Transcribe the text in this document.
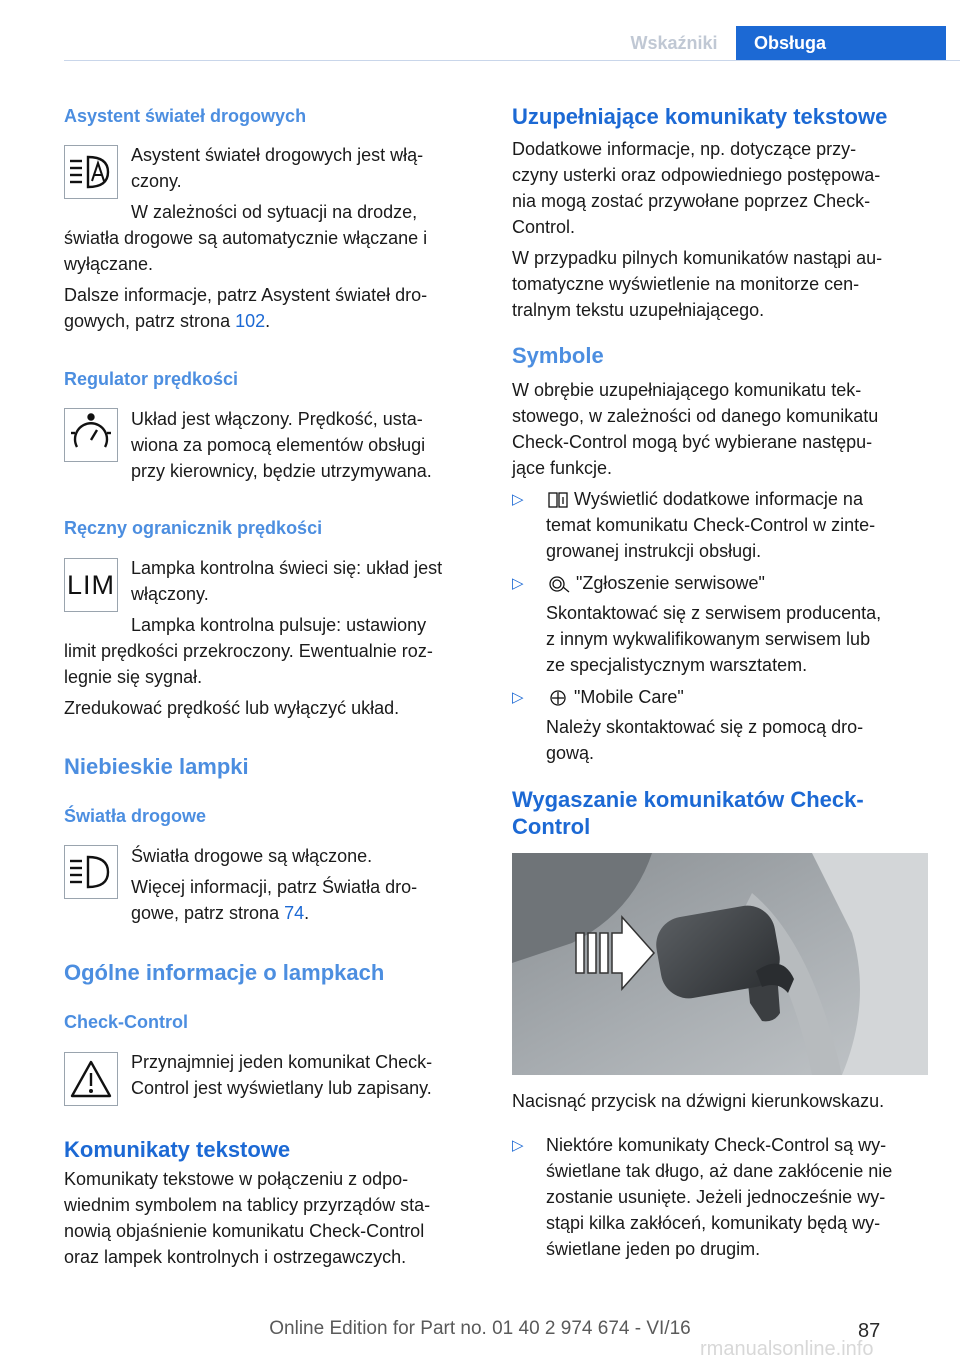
Wskaźniki	Obsługa
Asystent świateł drogowych
Asystent świateł drogowych jest włą-
czony.
W zależności od sytuacji na drodze,
światła drogowe są automatycznie włączane i
wyłączane.
Dalsze informacje, patrz Asystent świateł dro-
gowych, patrz strona 102.
Regulator prędkości
Układ jest włączony. Prędkość, usta-
wiona za pomocą elementów obsługi
przy kierownicy, będzie utrzymywana.
Ręczny ogranicznik prędkości
LIM
Lampka kontrolna świeci się: układ jest
włączony.
Lampka kontrolna pulsuje: ustawiony
limit prędkości przekroczony. Ewentualnie roz-
legnie się sygnał.
Zredukować prędkość lub wyłączyć układ.
Niebieskie lampki
Światła drogowe
Światła drogowe są włączone.
Więcej informacji, patrz Światła dro-
gowe, patrz strona 74.
Ogólne informacje o lampkach
Check-Control
Przynajmniej jeden komunikat Check-
Control jest wyświetlany lub zapisany.
Komunikaty tekstowe
Komunikaty tekstowe w połączeniu z odpo-
wiednim symbolem na tablicy przyrządów sta-
nowią objaśnienie komunikatu Check-Control
oraz lampek kontrolnych i ostrzegawczych.
Uzupełniające komunikaty tekstowe
Dodatkowe informacje, np. dotyczące przy-
czyny usterki oraz odpowiedniego postępowa-
nia mogą zostać przywołane poprzez Check-
Control.
W przypadku pilnych komunikatów nastąpi au-
tomatyczne wyświetlenie na monitorze cen-
tralnym tekstu uzupełniającego.
Symbole
W obrębie uzupełniającego komunikatu tek-
stowego, w zależności od danego komunikatu
Check-Control mogą być wybierane następu-
jące funkcje.
▷	Wyświetlić dodatkowe informacje na
temat komunikatu Check-Control w zinte-
growanej instrukcji obsługi.
▷	"Zgłoszenie serwisowe"
Skontaktować się z serwisem producenta,
z innym wykwalifikowanym serwisem lub
ze specjalistycznym warsztatem.
▷	"Mobile Care"
Należy skontaktować się z pomocą dro-
gową.
Wygaszanie komunikatów Check-
Control
Nacisnąć przycisk na dźwigni kierunkowskazu.
▷ Niektóre komunikaty Check-Control są wy-
świetlane tak długo, aż dane zakłócenie nie
zostanie usunięte. Jeżeli jednocześnie wy-
stąpi kilka zakłóceń, komunikaty będą wy-
świetlane jeden po drugim.
Online Edition for Part no. 01 40 2 974 674 - VI/16	87
rmanualsonline.info
